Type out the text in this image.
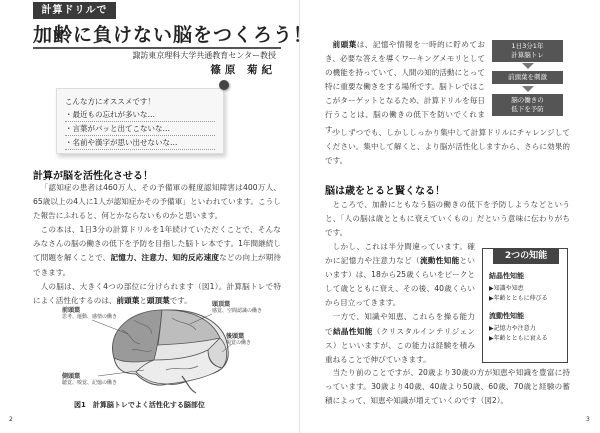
計算ドリルで
加齢に負けない脳をつくろう！
諏訪東京理科大学共通教育センター教授
篠原 菊紀
こんな方にオススメです！
・最近もの忘れが多いな…
・言葉がパッと出てこないな…
・名前や漢字が思い出せないな…
計算が脳を活性化させる！

「認知症の患者は460万人、その予備軍の軽度認知障害は400万人、65歳以上の4人に1人が認知症かその予備軍」といわれています。こうした報告にふれると、何とかならないものかと思います。

この本は、1日3分の計算ドリルを1年続けていただくことで、そんなみなさんの脳の働きの低下を予防を目指した脳トレ本です。1年間継続して問題を解くことで、記憶力、注意力、知的反応速度などの向上が期待できます。

人の脳は、大きく4つの部位に分けられます（図1）。計算脳トレで特によく活性化するのは、前頭葉と頭頂葉です。

前頭葉
思考、運動、感情の働き
頭頂葉
感覚、空間認識の働き
後頭葉
視覚の働き
側頭葉
聴覚、嗅覚、記憶の働き
図1　計算脳トレでよく活性化する脳部位
2

前頭葉は、記憶や情報を一時的に貯めておき、必要な答えを導くワーキングメモリとしての機能を持っていて、人間の知的活動にとって特に重要な働きをする場所です。脳トレではここがターゲットとなるため、計算ドリルを毎日行うことは、脳の働きの低下を防いでくれます。

少しずつでも、しかししっかり集中して計算ドリルにチャレンジしてください。集中して解くと、より脳が活性化しますから、さらに効果的です。

脳は歳をとると賢くなる！

ところで、加齢にともなう脳の働きの低下を予防しようなどというと、「人の脳は歳とともに衰えていくもの」だという意味に伝わりがちです。

しかし、これは半分間違っています。確かに記憶力や注意力など（流動性知能といいます）は、18から25歳くらいをピークとして歳とともに衰え、その後、40歳くらいから目立ってきます。

一方で、知識や知恵、これらを操る能力で結晶性知能（クリスタルインテリジェンス）といいますが、この能力は経験を積み重ねることで伸びていきます。

当たり前のことですが、20歳より30歳の方が知恵や知識を豊富に持っています。30歳より40歳、40歳より50歳、60歳、70歳と経験の蓄積によって、知恵や知識が増えていくのです（図2）。

3
1日3分1年
計算脳トレ
前頭葉を刺激
脳の働きの
低下を予防
2つの知能
結晶性知能
▶知識や知恵
▶年齢とともに伸びる
流動性知能
▶記憶力や注意力
▶年齢とともに衰える
